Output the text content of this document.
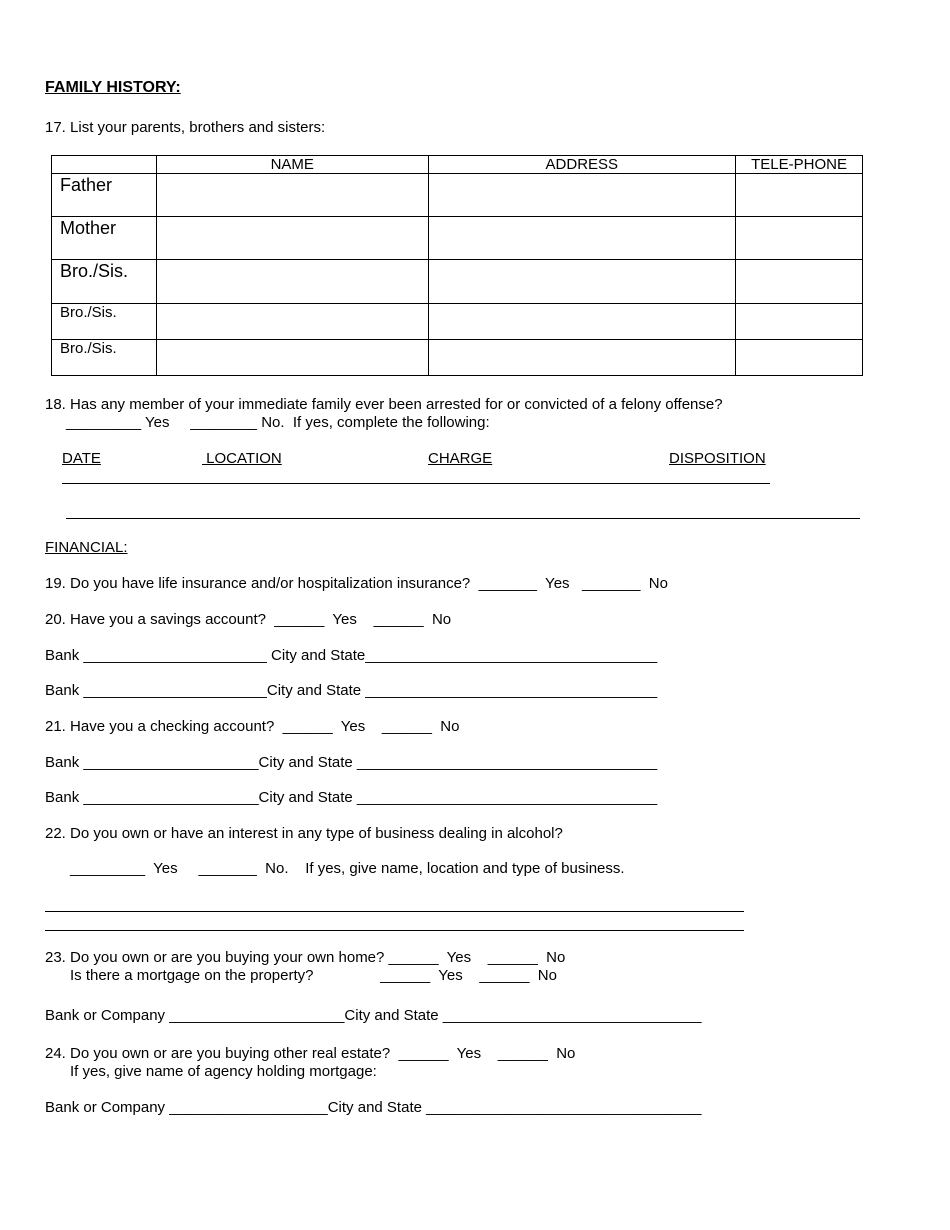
FAMILY HISTORY:
17. List your parents, brothers and sisters:
	NAME	ADDRESS	TELE-PHONE
Father			
Mother			
Bro./Sis.			
Bro./Sis.			
Bro./Sis.			
18. Has any member of your immediate family ever been arrested for or convicted of a felony offense?
_________ Yes     ________ No.  If yes, complete the following:
DATE	LOCATION	CHARGE	DISPOSITION
FINANCIAL:
19. Do you have life insurance and/or hospitalization insurance?  _______  Yes   _______  No
20. Have you a savings account?  ______  Yes    ______  No
Bank ______________________ City and State___________________________________
Bank ______________________City and State ___________________________________
21. Have you a checking account?  ______  Yes    ______  No
Bank _____________________City and State ____________________________________
Bank _____________________City and State ____________________________________
22. Do you own or have an interest in any type of business dealing in alcohol?
_________  Yes     _______  No.    If yes, give name, location and type of business.
23. Do you own or are you buying your own home? ______  Yes    ______  No
Is there a mortgage on the property?                ______  Yes    ______  No
Bank or Company _____________________City and State _______________________________
24. Do you own or are you buying other real estate?  ______  Yes    ______  No
If yes, give name of agency holding mortgage:
Bank or Company ___________________City and State _________________________________
